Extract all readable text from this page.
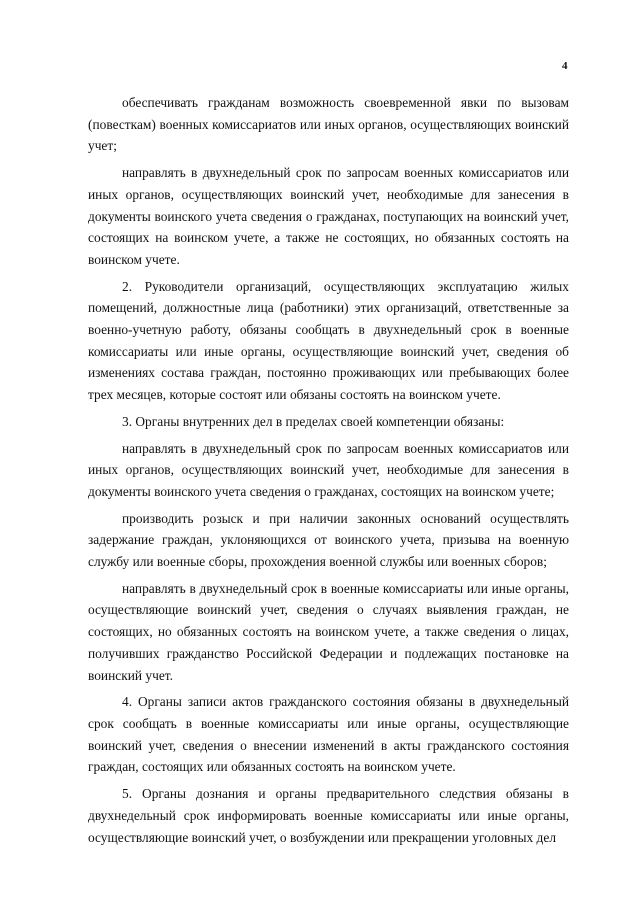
4

обеспечивать гражданам возможность своевременной явки по вызовам (повесткам) военных комиссариатов или иных органов, осуществляющих воинский учет;

направлять в двухнедельный срок по запросам военных комиссариатов или иных органов, осуществляющих воинский учет, необходимые для занесения в документы воинского учета сведения о гражданах, поступающих на воинский учет, состоящих на воинском учете, а также не состоящих, но обязанных состоять на воинском учете.

2. Руководители организаций, осуществляющих эксплуатацию жилых помещений, должностные лица (работники) этих организаций, ответственные за военно-учетную работу, обязаны сообщать в двухнедельный срок в военные комиссариаты или иные органы, осуществляющие воинский учет, сведения об изменениях состава граждан, постоянно проживающих или пребывающих более трех месяцев, которые состоят или обязаны состоять на воинском учете.

3. Органы внутренних дел в пределах своей компетенции обязаны:

направлять в двухнедельный срок по запросам военных комиссариатов или иных органов, осуществляющих воинский учет, необходимые для занесения в документы воинского учета сведения о гражданах, состоящих на воинском учете;

производить розыск и при наличии законных оснований осуществлять задержание граждан, уклоняющихся от воинского учета, призыва на военную службу или военные сборы, прохождения военной службы или военных сборов;

направлять в двухнедельный срок в военные комиссариаты или иные органы, осуществляющие воинский учет, сведения о случаях выявления граждан, не состоящих, но обязанных состоять на воинском учете, а также сведения о лицах, получивших гражданство Российской Федерации и подлежащих постановке на воинский учет.

4. Органы записи актов гражданского состояния обязаны в двухнедельный срок сообщать в военные комиссариаты или иные органы, осуществляющие воинский учет, сведения о внесении изменений в акты гражданского состояния граждан, состоящих или обязанных состоять на воинском учете.

5. Органы дознания и органы предварительного следствия обязаны в двухнедельный срок информировать военные комиссариаты или иные органы, осуществляющие воинский учет, о возбуждении или прекращении уголовных дел
